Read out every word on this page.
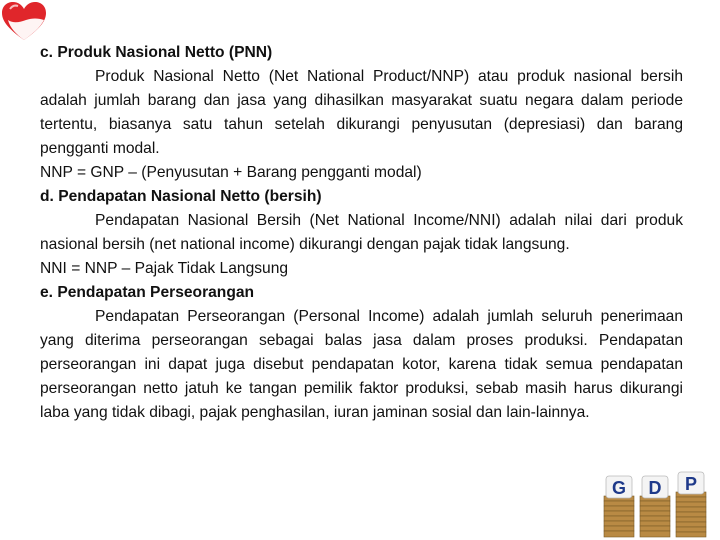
c. Produk Nasional Netto (PNN)

Produk Nasional Netto (Net National Product/NNP) atau produk nasional bersih adalah jumlah barang dan jasa yang dihasilkan masyarakat suatu negara dalam periode tertentu, biasanya satu tahun setelah dikurangi penyusutan (depresiasi) dan barang pengganti modal.

NNP = GNP – (Penyusutan + Barang pengganti modal)

d. Pendapatan Nasional Netto (bersih)

Pendapatan Nasional Bersih (Net National Income/NNI) adalah nilai dari produk nasional bersih (net national income) dikurangi dengan pajak tidak langsung.

NNI = NNP – Pajak Tidak Langsung

e. Pendapatan Perseorangan

Pendapatan Perseorangan (Personal Income) adalah jumlah seluruh penerimaan yang diterima perseorangan sebagai balas jasa dalam proses produksi. Pendapatan perseorangan ini dapat juga disebut pendapatan kotor, karena tidak semua pendapatan perseorangan netto jatuh ke tangan pemilik faktor produksi, sebab masih harus dikurangi laba yang tidak dibagi, pajak penghasilan, iuran jaminan sosial dan lain-lainnya.

G D P
